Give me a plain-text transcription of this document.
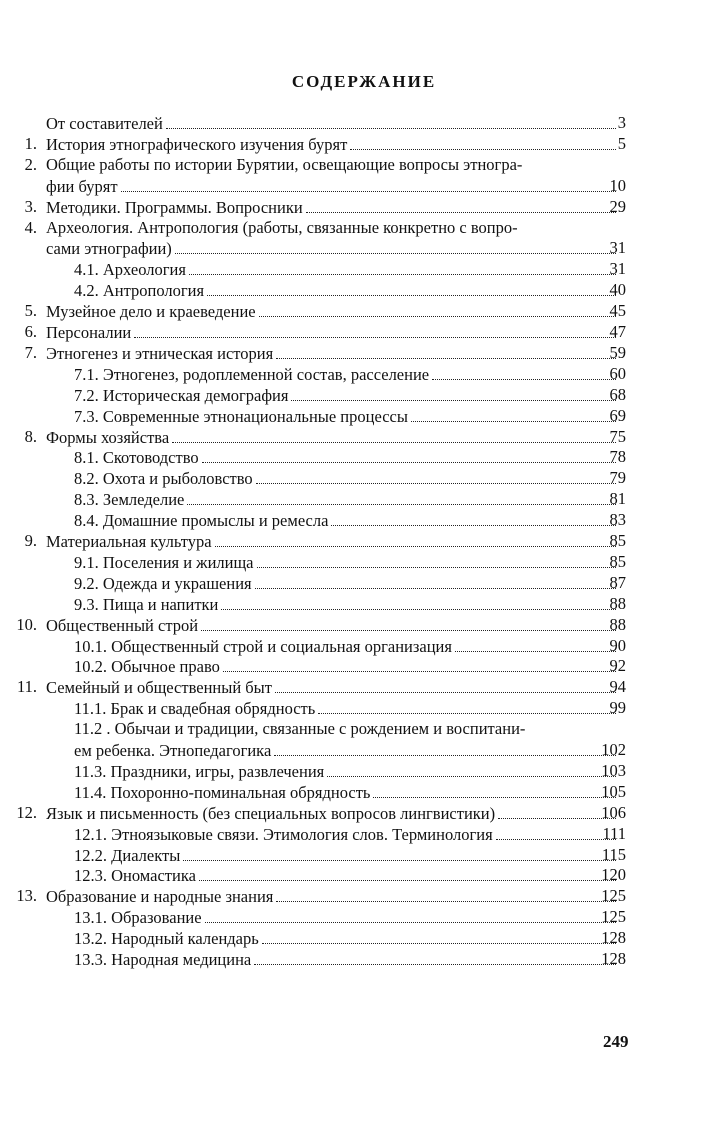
СОДЕРЖАНИЕ
От составителей	3
1. История этнографического изучения бурят	5
2. Общие работы по истории Бурятии, освещающие вопросы этногра-
фии бурят	10
3. Методики. Программы. Вопросники	29
4. Археология. Антропология (работы, связанные конкретно с вопро-
сами этнографии)	31
4.1. Археология	31
4.2. Антропология	40
5. Музейное дело и краеведение	45
6. Персоналии	47
7. Этногенез и этническая история	59
7.1. Этногенез, родоплеменной состав, расселение	60
7.2. Историческая демография	68
7.3. Современные этнонациональные процессы	69
8. Формы хозяйства	75
8.1. Скотоводство	78
8.2. Охота и рыболовство	79
8.3. Земледелие	81
8.4. Домашние промыслы и ремесла	83
9. Материальная культура	85
9.1. Поселения и жилища	85
9.2. Одежда и украшения	87
9.3. Пища и напитки	88
10. Общественный строй	88
10.1. Общественный строй и социальная организация	90
10.2. Обычное право	92
11. Семейный и общественный быт	94
11.1. Брак и свадебная обрядность	99
11.2 . Обычаи и традиции, связанные с рождением и воспитани-
ем ребенка. Этнопедагогика	102
11.3. Праздники, игры, развлечения	103
11.4. Похоронно-поминальная обрядность	105
12. Язык и письменность (без специальных вопросов лингвистики)	106
12.1. Этноязыковые связи. Этимология слов. Терминология	111
12.2. Диалекты	115
12.3. Ономастика	120
13. Образование и народные знания	125
13.1. Образование	125
13.2. Народный календарь	128
13.3. Народная медицина	128
249
